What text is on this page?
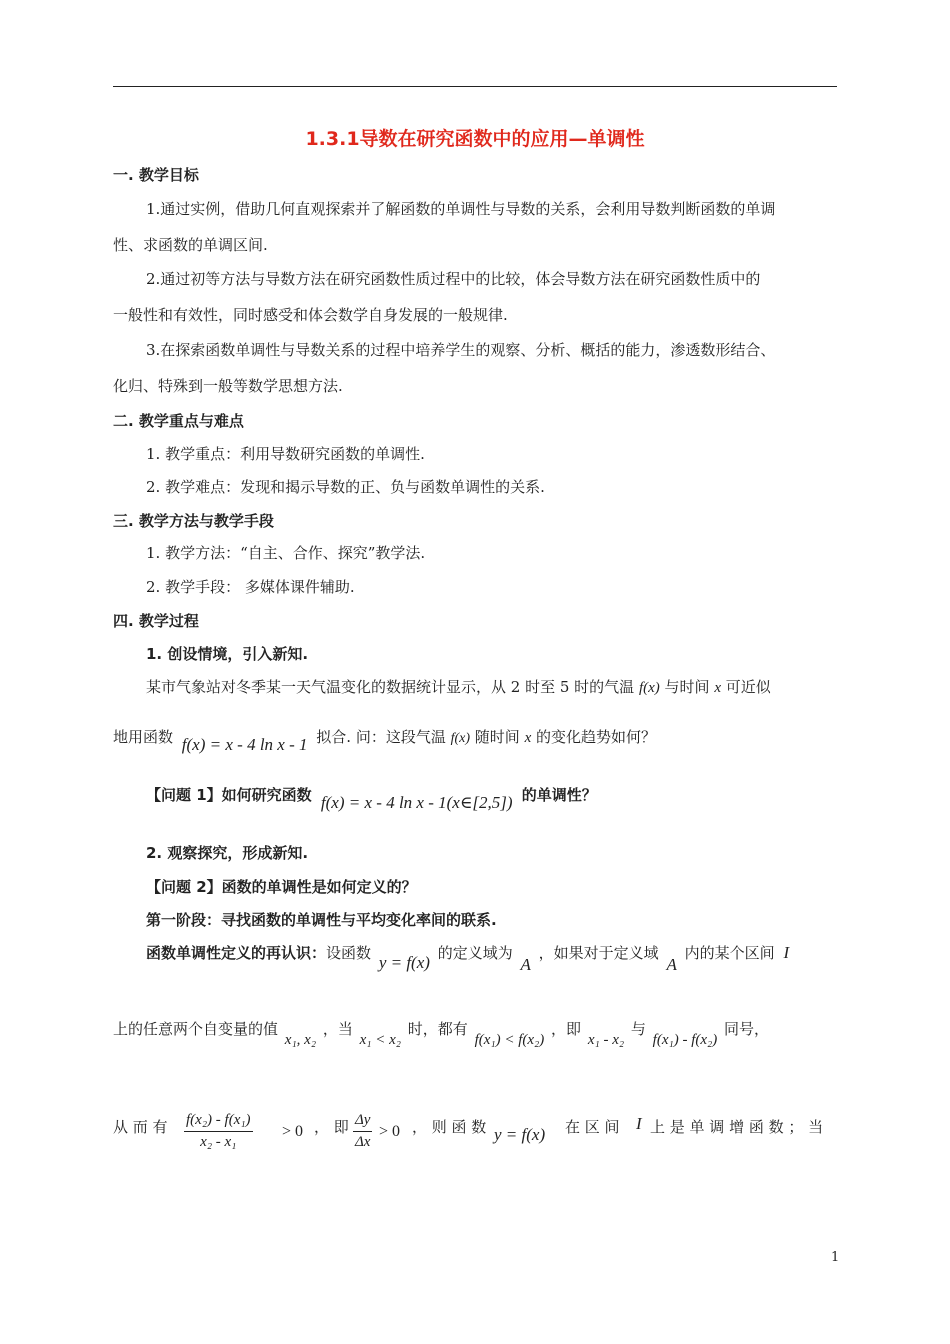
1.3.1导数在研究函数中的应用—单调性
一. 教学目标
1.通过实例，借助几何直观探索并了解函数的单调性与导数的关系，会利用导数判断函数的单调
性、求函数的单调区间.
2.通过初等方法与导数方法在研究函数性质过程中的比较，体会导数方法在研究函数性质中的
一般性和有效性，同时感受和体会数学自身发展的一般规律.
3.在探索函数单调性与导数关系的过程中培养学生的观察、分析、概括的能力，渗透数形结合、
化归、特殊到一般等数学思想方法.
二. 教学重点与难点
1. 教学重点：利用导数研究函数的单调性.
2. 教学难点：发现和揭示导数的正、负与函数单调性的关系.
三. 教学方法与教学手段
1. 教学方法：“自主、合作、探究”教学法.
2. 教学手段： 多媒体课件辅助.
四. 教学过程
1. 创设情境，引入新知.
某市气象站对冬季某一天气温变化的数据统计显示，从 2 时至 5 时的气温 f(x) 与时间 x 可近似
地用函数 f(x) = x - 4 ln x - 1 拟合. 问：这段气温 f(x) 随时间 x 的变化趋势如何？
【问题 1】如何研究函数 f(x) = x - 4 ln x - 1(x∈[2,5]) 的单调性？
2. 观察探究，形成新知.
【问题 2】函数的单调性是如何定义的？
第一阶段：寻找函数的单调性与平均变化率间的联系.
函数单调性定义的再认识：设函数 y = f(x) 的定义域为 A ，如果对于定义域 A 内的某个区间 I
上的任意两个自变量的值 x₁, x₂ ，当 x₁ < x₂ 时，都有 f(x₁) < f(x₂) ，即 x₁ - x₂ 与 f(x₁) - f(x₂) 同号，
从 而 有 $\frac{\text{f(x₂) - f(x₁)}}{\text{x₂ - x₁}} > 0$ ， 即 $\frac{\Delta y}{\Delta x} > 0$ ， 则 函 数 y = f(x) 在 区 间 I 上 是 单 调 增 函 数 ； 当
1
